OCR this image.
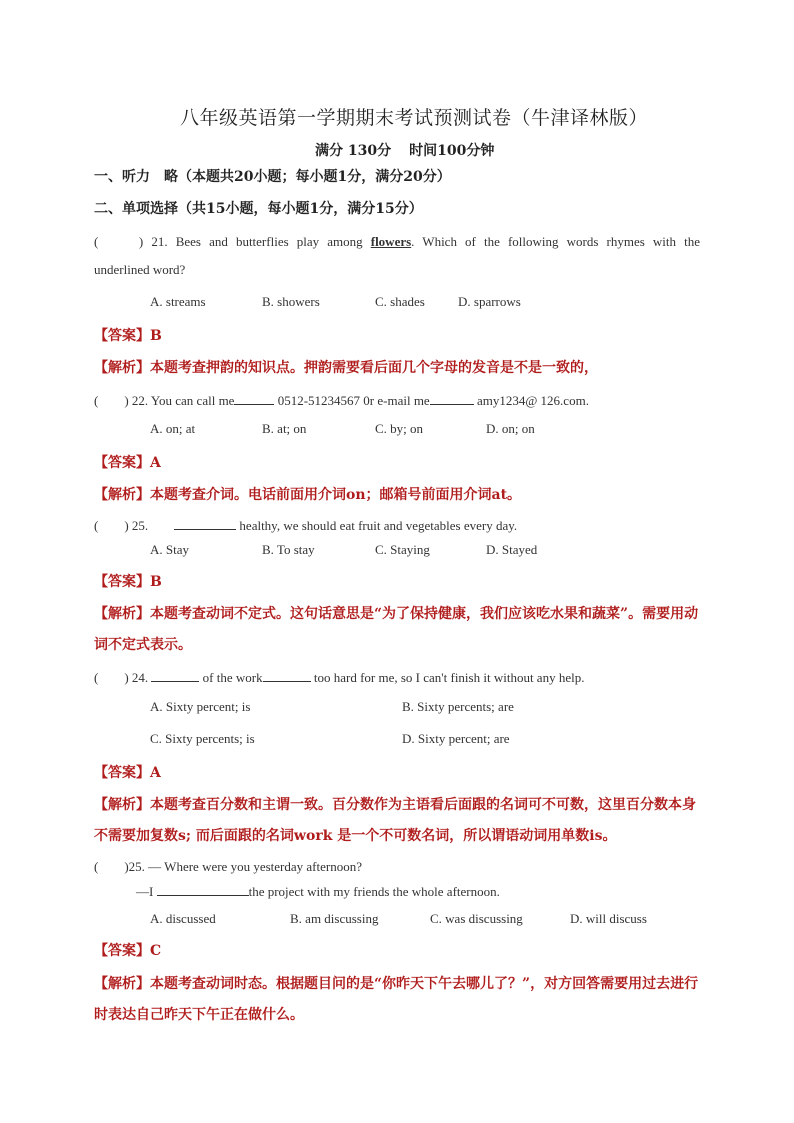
八年级英语第一学期期末考试预测试卷（牛津译林版）
满分 130分 时间100分钟
一、听力　略（本题共20小题；每小题1分，满分20分）
二、单项选择（共15小题，每小题1分，满分15分）
(　　) 21. Bees and butterflies play among flowers. Which of the following words rhymes with the
underlined word?
A. streams	B. showers	C. shades	D. sparrows
【答案】B
【解析】本题考查押韵的知识点。押韵需要看后面几个字母的发音是不是一致的，
(　　) 22. You can call me	0512-51234567 0r e-mail me	amy1234@ 126.com.
A. on; at	B. at; on	C. by; on	D. on; on
【答案】A
【解析】本题考查介词。电话前面用介词on；邮箱号前面用介词at。
(　　) 25.	healthy, we should eat fruit and vegetables every day.
A. Stay	B. To stay	C. Staying	D. Stayed
【答案】B
【解析】本题考查动词不定式。这句话意思是“为了保持健康，我们应该吃水果和蔬菜”。需要用动
词不定式表示。
(　　) 24.	of the work	too hard for me, so I can't finish it without any help.
A. Sixty percent; is	B. Sixty percents; are
C. Sixty percents; is	D. Sixty percent; are
【答案】A
【解析】本题考查百分数和主谓一致。百分数作为主语看后面跟的名词可不可数，这里百分数本身
不需要加复数s; 而后面跟的名词work 是一个不可数名词，所以谓语动词用单数is。
(　　)25. — Where were you yesterday afternoon?
—I	the project with my friends the whole afternoon.
A. discussed	B. am discussing	C. was discussing	D. will discuss
【答案】C
【解析】本题考查动词时态。根据题目问的是“你昨天下午去哪儿了？”，对方回答需要用过去进行
时表达自己昨天下午正在做什么。
